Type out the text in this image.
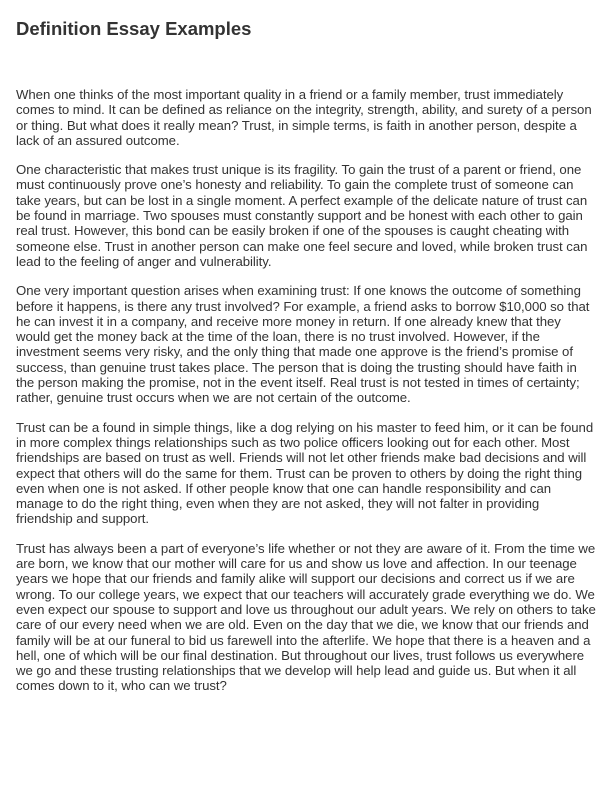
Definition Essay Examples

When one thinks of the most important quality in a friend or a family member, trust immediately comes to mind. It can be defined as reliance on the integrity, strength, ability, and surety of a person or thing. But what does it really mean? Trust, in simple terms, is faith in another person, despite a lack of an assured outcome.

One characteristic that makes trust unique is its fragility. To gain the trust of a parent or friend, one must continuously prove one’s honesty and reliability. To gain the complete trust of someone can take years, but can be lost in a single moment. A perfect example of the delicate nature of trust can be found in marriage. Two spouses must constantly support and be honest with each other to gain real trust. However, this bond can be easily broken if one of the spouses is caught cheating with someone else. Trust in another person can make one feel secure and loved, while broken trust can lead to the feeling of anger and vulnerability.

One very important question arises when examining trust: If one knows the outcome of something before it happens, is there any trust involved? For example, a friend asks to borrow $10,000 so that he can invest it in a company, and receive more money in return. If one already knew that they would get the money back at the time of the loan, there is no trust involved. However, if the investment seems very risky, and the only thing that made one approve is the friend’s promise of success, than genuine trust takes place. The person that is doing the trusting should have faith in the person making the promise, not in the event itself. Real trust is not tested in times of certainty; rather, genuine trust occurs when we are not certain of the outcome.

Trust can be a found in simple things, like a dog relying on his master to feed him, or it can be found in more complex things relationships such as two police officers looking out for each other. Most friendships are based on trust as well. Friends will not let other friends make bad decisions and will expect that others will do the same for them. Trust can be proven to others by doing the right thing even when one is not asked. If other people know that one can handle responsibility and can manage to do the right thing, even when they are not asked, they will not falter in providing friendship and support.

Trust has always been a part of everyone’s life whether or not they are aware of it. From the time we are born, we know that our mother will care for us and show us love and affection. In our teenage years we hope that our friends and family alike will support our decisions and correct us if we are wrong. To our college years, we expect that our teachers will accurately grade everything we do. We even expect our spouse to support and love us throughout our adult years. We rely on others to take care of our every need when we are old. Even on the day that we die, we know that our friends and family will be at our funeral to bid us farewell into the afterlife. We hope that there is a heaven and a hell, one of which will be our final destination. But throughout our lives, trust follows us everywhere we go and these trusting relationships that we develop will help lead and guide us. But when it all comes down to it, who can we trust?
